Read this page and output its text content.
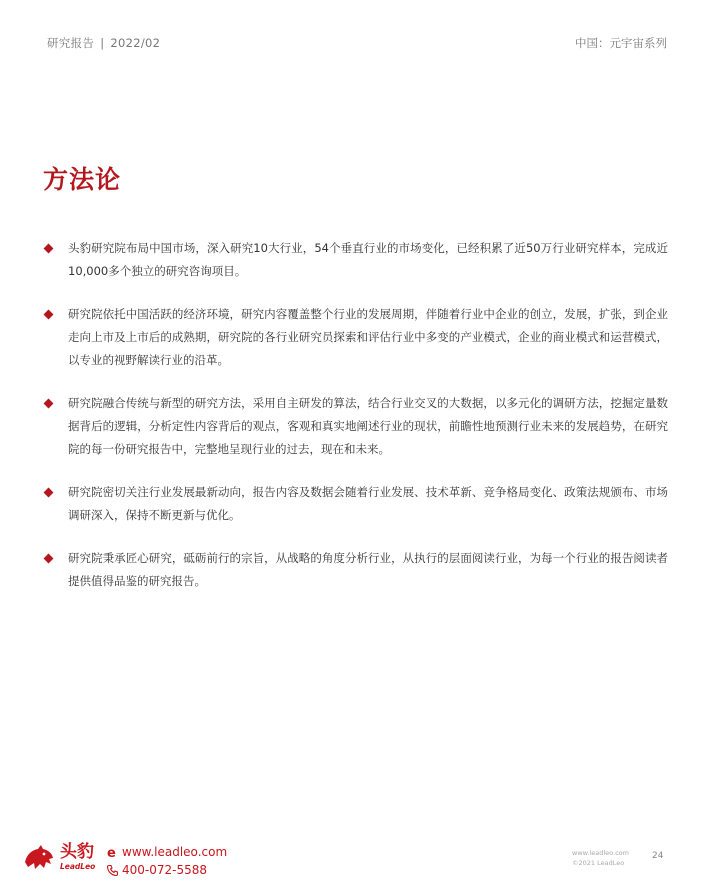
研究报告 | 2022/02	中国：元宇宙系列
方法论
头豹研究院布局中国市场，深入研究10大行业，54个垂直行业的市场变化，已经积累了近50万行业研究样本，完成近10,000多个独立的研究咨询项目。
研究院依托中国活跃的经济环境，研究内容覆盖整个行业的发展周期，伴随着行业中企业的创立，发展，扩张，到企业走向上市及上市后的成熟期，研究院的各行业研究员探索和评估行业中多变的产业模式，企业的商业模式和运营模式，以专业的视野解读行业的沿革。
研究院融合传统与新型的研究方法，采用自主研发的算法，结合行业交叉的大数据，以多元化的调研方法，挖掘定量数据背后的逻辑，分析定性内容背后的观点，客观和真实地阐述行业的现状，前瞻性地预测行业未来的发展趋势，在研究院的每一份研究报告中，完整地呈现行业的过去，现在和未来。
研究院密切关注行业发展最新动向，报告内容及数据会随着行业发展、技术革新、竞争格局变化、政策法规颁布、市场调研深入，保持不断更新与优化。
研究院秉承匠心研究，砥砺前行的宗旨，从战略的角度分析行业，从执行的层面阅读行业，为每一个行业的报告阅读者提供值得品鉴的研究报告。
头豹
LeadLeo
e www.leadleo.com
400-072-5588
www.leadleo.com
©2021 LeadLeo
24
